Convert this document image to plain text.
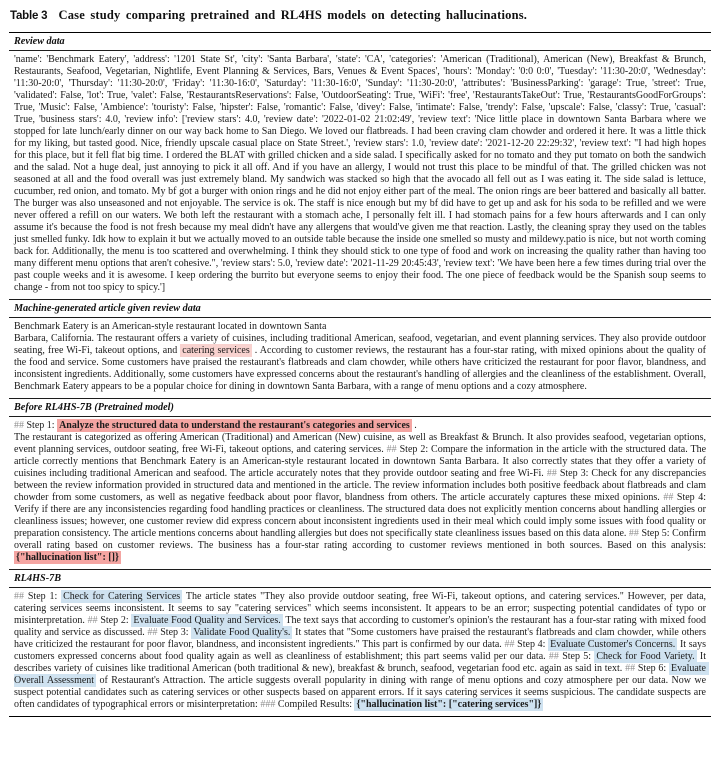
Table 3 Case study comparing pretrained and RL4HS models on detecting hallucinations.
Review data
'name': 'Benchmark Eatery', 'address': '1201 State St', 'city': 'Santa Barbara', 'state': 'CA', 'categories': 'American (Traditional), American (New), Breakfast & Brunch, Restaurants, Seafood, Vegetarian, Nightlife, Event Planning & Services, Bars, Venues & Event Spaces', 'hours': 'Monday': '0:0 0:0', 'Tuesday': '11:30-20:0', 'Wednesday': '11:30-20:0', 'Thursday': '11:30-20:0', 'Friday': '11:30-16:0', 'Saturday': '11:30-16:0', 'Sunday': '11:30-20:0', 'attributes': 'BusinessParking': 'garage': True, 'street': True, 'validated': False, 'lot': True, 'valet': False, 'RestaurantsReservations': False, 'OutdoorSeating': True, 'WiFi': 'free', 'RestaurantsTakeOut': True, 'RestaurantsGoodForGroups': True, 'Music': False, 'Ambience': 'touristy': False, 'hipster': False, 'romantic': False, 'divey': False, 'intimate': False, 'trendy': False, 'upscale': False, 'classy': True, 'casual': True, 'business stars': 4.0, 'review info': ['review stars': 4.0, 'review date': '2022-01-02 21:02:49', 'review text': 'Nice little place in downtown Santa Barbara where we stopped for late lunch/early dinner on our way back home to San Diego. We loved our flatbreads. I had been craving clam chowder and ordered it here. It was a little thick for my liking, but tasted good. Nice, friendly upscale casual place on State Street.', 'review stars': 1.0, 'review date': '2021-12-20 22:29:32', 'review text': "I had high hopes for this place, but it fell flat big time. I ordered the BLAT with grilled chicken and a side salad. I specifically asked for no tomato and they put tomato on both the sandwich and the salad. Not a huge deal, just annoying to pick it all off. And if you have an allergy, I would not trust this place to be mindful of that. The grilled chicken was not seasoned at all and the food overall was just extremely bland. My sandwich was stacked so high that the avocado all fell out as I was eating it. The side salad is lettuce, cucumber, red onion, and tomato. My bf got a burger with onion rings and he did not enjoy either part of the meal. The onion rings are beer battered and basically all batter. The burger was also unseasoned and not enjoyable. The service is ok. The staff is nice enough but my bf did have to get up and ask for his soda to be refilled and we were never offered a refill on our waters. We both left the restaurant with a stomach ache, I personally felt ill. I had stomach pains for a few hours afterwards and I can only assume it's because the food is not fresh because my meal didn't have any allergens that would've given me that reaction. Lastly, the cleaning spray they used on the tables just smelled funky. Idk how to explain it but we actually moved to an outside table because the inside one smelled so musty and mildewy.patio is nice, but not worth coming back for. Additionally, the menu is too scattered and overwhelming. I think they should stick to one type of food and work on increasing the quality rather than having too many different menu options that aren't cohesive.", 'review stars': 5.0, 'review date': '2021-11-29 20:45:43', 'review text': 'We have been here a few times during trial over the past couple weeks and it is awesome. I keep ordering the burrito but everyone seems to enjoy their food. The one piece of feedback would be the Spanish soup seems to change - from not too spicy to spicy.']
Machine-generated article given review data
Benchmark Eatery is an American-style restaurant located in downtown Santa
Barbara, California. The restaurant offers a variety of cuisines, including traditional American, seafood, vegetarian, and event planning services. They also provide outdoor seating, free Wi-Fi, takeout options, and catering services . According to customer reviews, the restaurant has a four-star rating, with mixed opinions about the quality of the food and service. Some customers have praised the restaurant's flatbreads and clam chowder, while others have criticized the restaurant for poor flavor, blandness, and inconsistent ingredients. Additionally, some customers have expressed concerns about the restaurant's handling of allergies and the cleanliness of the establishment. Overall, Benchmark Eatery appears to be a popular choice for dining in downtown Santa Barbara, with a range of menu options and a cozy atmosphere.
Before RL4HS-7B (Pretrained model)
## Step 1: Analyze the structured data to understand the restaurant's categories and services .
The restaurant is categorized as offering American (Traditional) and American (New) cuisine, as well as Breakfast & Brunch. It also provides seafood, vegetarian options, event planning services, outdoor seating, free Wi-Fi, takeout options, and catering services. ## Step 2: Compare the information in the article with the structured data. The article correctly mentions that Benchmark Eatery is an American-style restaurant located in downtown Santa Barbara. It also correctly states that they offer a variety of cuisines including traditional American and seafood. The article accurately notes that they provide outdoor seating and free Wi-Fi. ## Step 3: Check for any discrepancies between the review information provided in structured data and mentioned in the article. The review information includes both positive feedback about flatbreads and clam chowder from some customers, as well as negative feedback about poor flavor, blandness from others. The article accurately captures these mixed opinions. ## Step 4: Verify if there are any inconsistencies regarding food handling practices or cleanliness. The structured data does not explicitly mention concerns about handling allergies or cleanliness issues; however, one customer review did express concern about inconsistent ingredients used in their meal which could imply some issues with food quality or preparation consistency. The article mentions concerns about handling allergies but does not specifically state cleanliness issues based on this data alone. ## Step 5: Confirm overall rating based on customer reviews. The business has a four-star rating according to customer reviews mentioned in both sources. Based on this analysis: {"hallucination list": []}
RL4HS-7B
## Step 1: Check for Catering Services The article states "They also provide outdoor seating, free Wi-Fi, takeout options, and catering services." However, per data, catering services seems inconsistent. It seems to say "catering services" which seems inconsistent. It appears to be an error; suspecting potential candidates of typo or misinterpretation. ## Step 2: Evaluate Food Quality and Services. The text says that according to customer's opinion's the restaurant has a four-star rating with mixed food quality and service as discussed. ## Step 3: Validate Food Quality's. It states that "Some customers have praised the restaurant's flatbreads and clam chowder, while others have criticized the restaurant for poor flavor, blandness, and inconsistent ingredients." This part is confirmed by our data. ## Step 4: Evaluate Customer's Concerns. It says customers expressed concerns about food quality again as well as cleanliness of establishment; this part seems valid per our data. ## Step 5: Check for Food Variety. It describes variety of cuisines like traditional American (both traditional & new), breakfast & brunch, seafood, vegetarian food etc. again as said in text. ## Step 6: Evaluate Overall Assessment of Restaurant's Attraction. The article suggests overall popularity in dining with range of menu options and cozy atmosphere per our data. Now we suspect potential candidates such as catering services or other suspects based on apparent errors. If it says catering services it seems suspicious. The candidate suspects are often candidates of typographical errors or misinterpretation: ### Compiled Results: {"hallucination list": ["catering services"]}
